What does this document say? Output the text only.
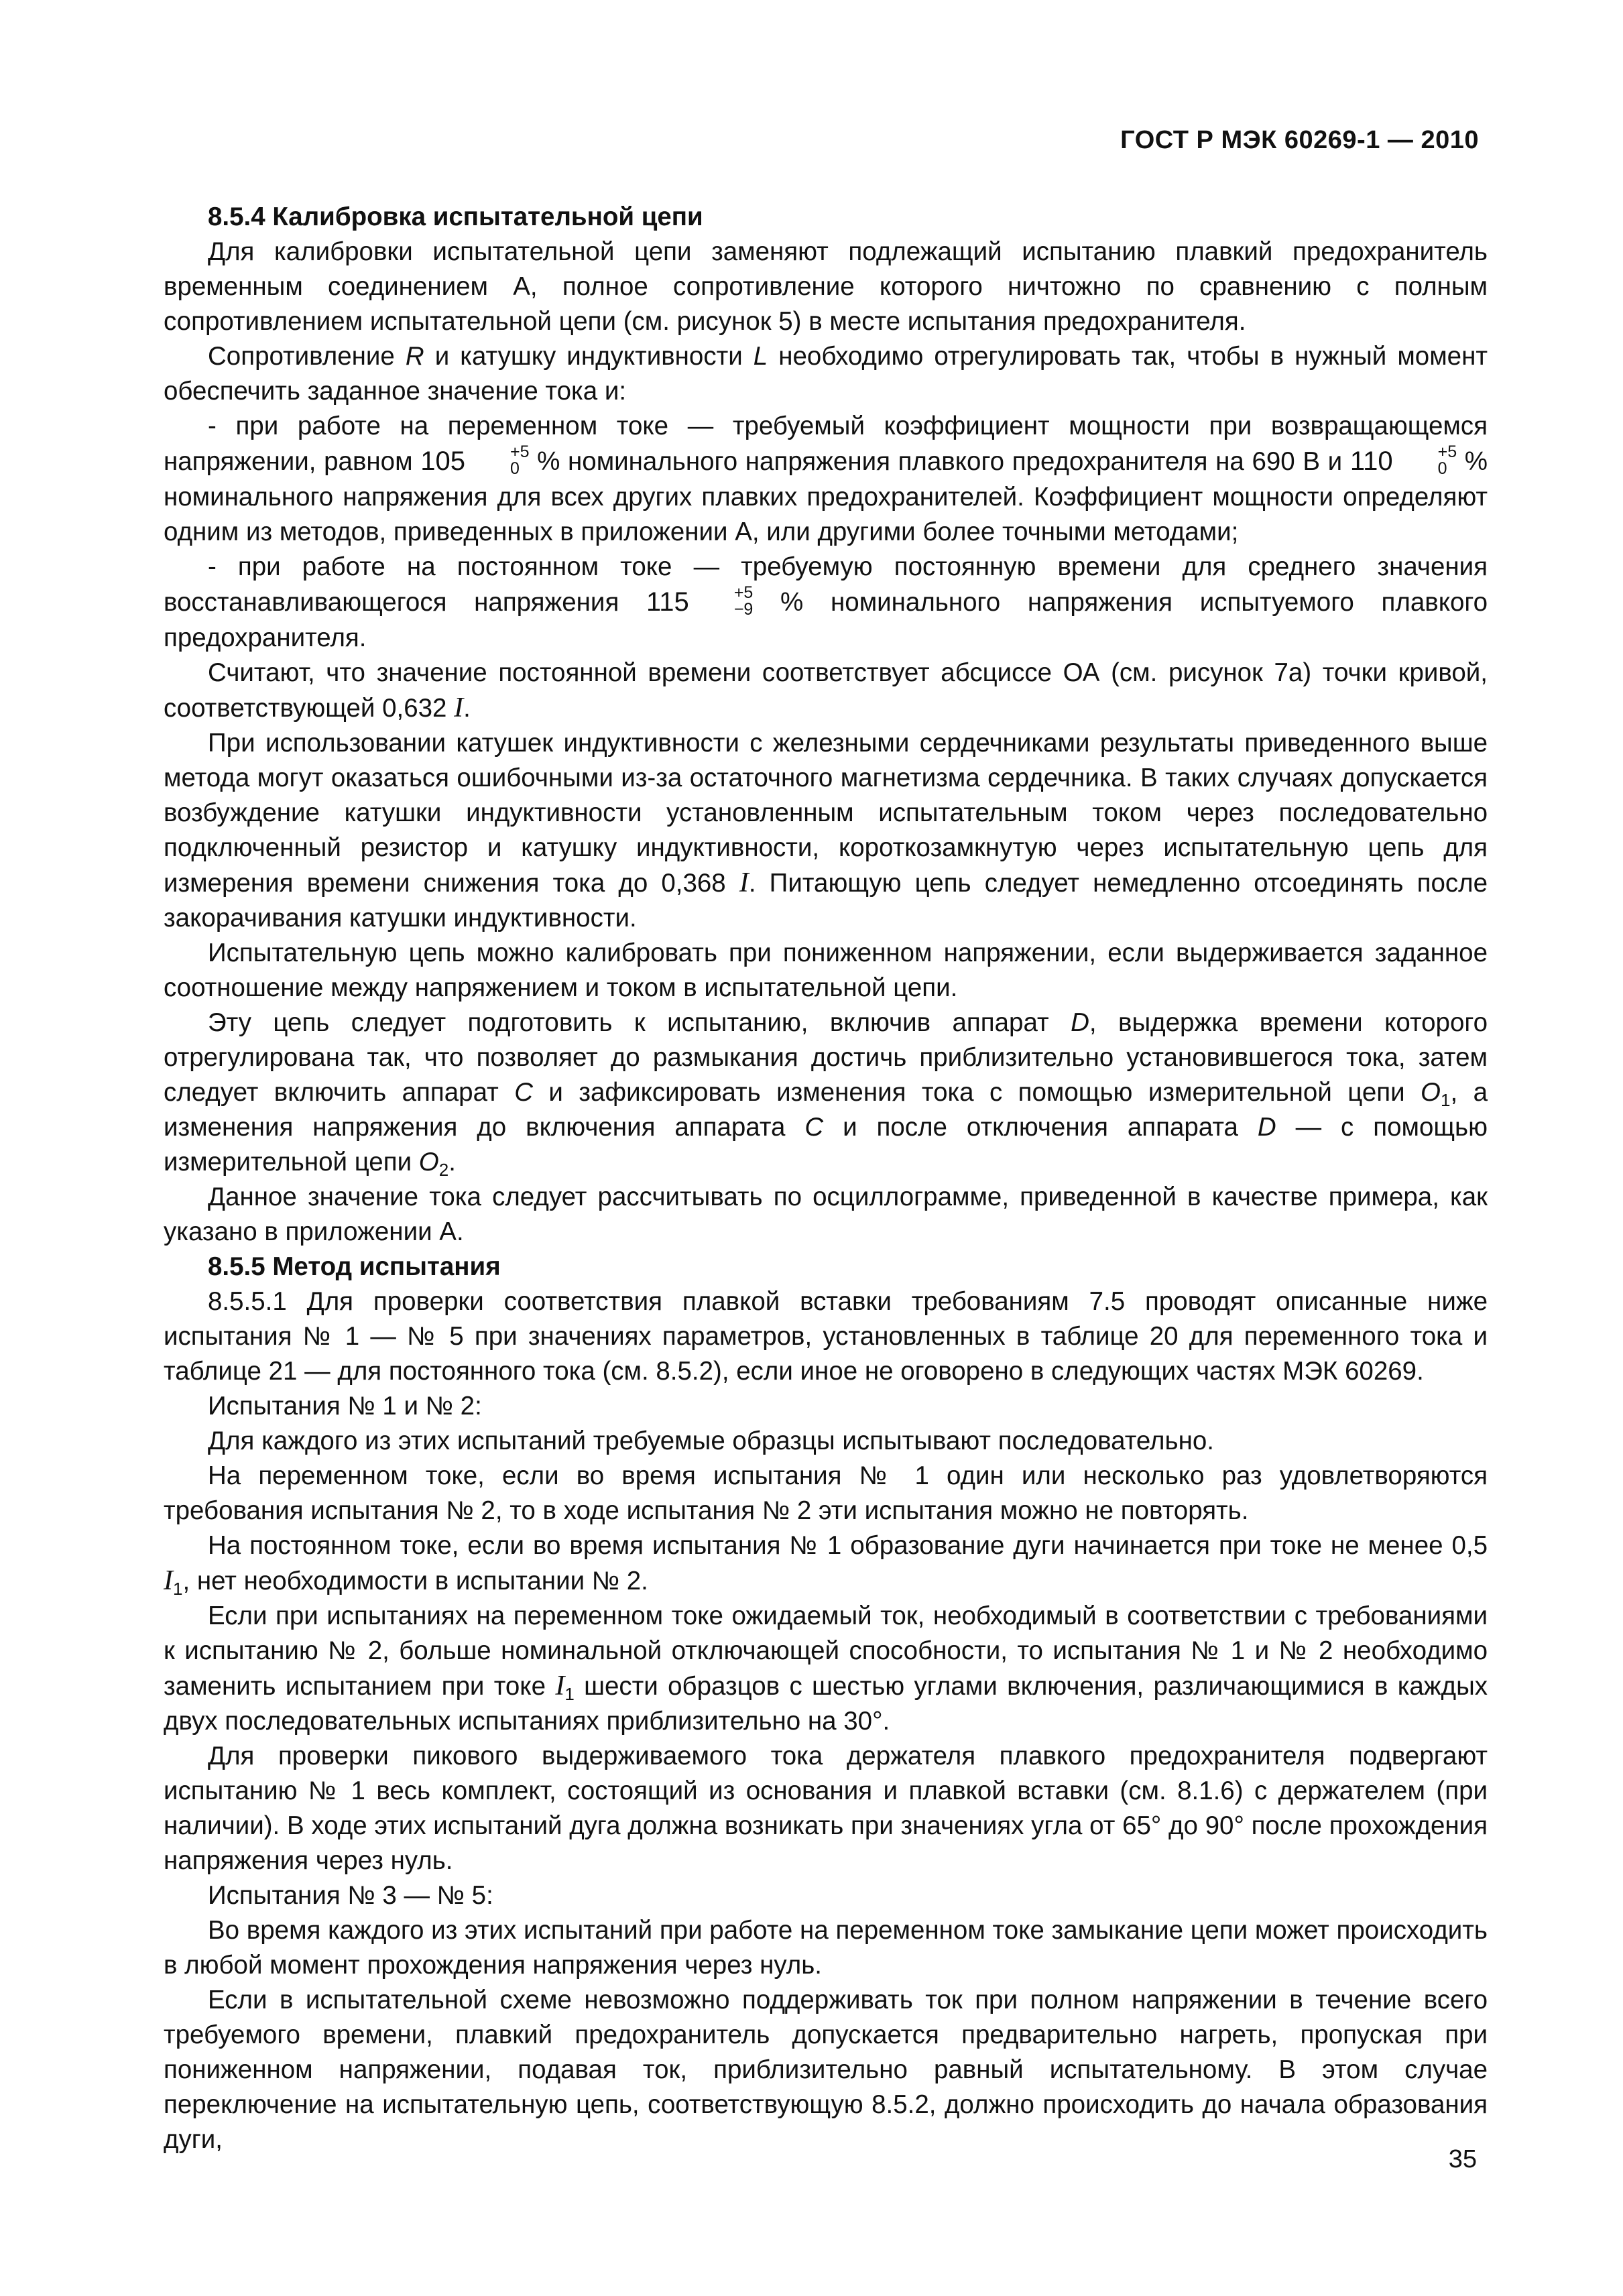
ГОСТ Р МЭК 60269-1 — 2010

8.5.4 Калибровка испытательной цепи

Для калибровки испытательной цепи заменяют подлежащий испытанию плавкий предохранитель временным соединением А, полное сопротивление которого ничтожно по сравнению с полным сопротивлением испытательной цепи (см. рисунок 5) в месте испытания предохранителя.

Сопротивление R и катушку индуктивности L необходимо отрегулировать так, чтобы в нужный момент обеспечить заданное значение тока и:

- при работе на переменном токе — требуемый коэффициент мощности при возвращающемся напряжении, равном 105	+5
0 % номинального напряжения плавкого предохранителя на 690 В и 110	+5
0 % номинального напряжения для всех других плавких предохранителей. Коэффициент мощности определяют одним из методов, приведенных в приложении А, или другими более точными методами;

- при работе на постоянном токе — требуемую постоянную времени для среднего значения восстанавливающегося напряжения 115	+5
−9 % номинального напряжения испытуемого плавкого предохранителя.

Считают, что значение постоянной времени соответствует абсциссе ОА (см. рисунок 7а) точки кривой, соответствующей 0,632 I.

При использовании катушек индуктивности с железными сердечниками результаты приведенного выше метода могут оказаться ошибочными из-за остаточного магнетизма сердечника. В таких случаях допускается возбуждение катушки индуктивности установленным испытательным током через последовательно подключенный резистор и катушку индуктивности, короткозамкнутую через испытательную цепь для измерения времени снижения тока до 0,368 I. Питающую цепь следует немедленно отсоединять после закорачивания катушки индуктивности.

Испытательную цепь можно калибровать при пониженном напряжении, если выдерживается заданное соотношение между напряжением и током в испытательной цепи.

Эту цепь следует подготовить к испытанию, включив аппарат D, выдержка времени которого отрегулирована так, что позволяет до размыкания достичь приблизительно установившегося тока, затем следует включить аппарат С и зафиксировать изменения тока с помощью измерительной цепи $O_1$, а изменения напряжения до включения аппарата С и после отключения аппарата D — с помощью измерительной цепи $O_2$.

Данное значение тока следует рассчитывать по осциллограмме, приведенной в качестве примера, как указано в приложении А.

8.5.5 Метод испытания

8.5.5.1 Для проверки соответствия плавкой вставки требованиям 7.5 проводят описанные ниже испытания № 1 — № 5 при значениях параметров, установленных в таблице 20 для переменного тока и таблице 21 — для постоянного тока (см. 8.5.2), если иное не оговорено в следующих частях МЭК 60269.

Испытания № 1 и № 2:

Для каждого из этих испытаний требуемые образцы испытывают последовательно.

На переменном токе, если во время испытания № 1 один или несколько раз удовлетворяются требования испытания № 2, то в ходе испытания № 2 эти испытания можно не повторять.

На постоянном токе, если во время испытания № 1 образование дуги начинается при токе не менее 0,5 $I_1$, нет необходимости в испытании № 2.

Если при испытаниях на переменном токе ожидаемый ток, необходимый в соответствии с требованиями к испытанию № 2, больше номинальной отключающей способности, то испытания № 1 и № 2 необходимо заменить испытанием при токе $I_1$ шести образцов с шестью углами включения, различающимися в каждых двух последовательных испытаниях приблизительно на 30°.

Для проверки пикового выдерживаемого тока держателя плавкого предохранителя подвергают испытанию № 1 весь комплект, состоящий из основания и плавкой вставки (см. 8.1.6) с держателем (при наличии). В ходе этих испытаний дуга должна возникать при значениях угла от 65° до 90° после прохождения напряжения через нуль.

Испытания № 3 — № 5:

Во время каждого из этих испытаний при работе на переменном токе замыкание цепи может происходить в любой момент прохождения напряжения через нуль.

Если в испытательной схеме невозможно поддерживать ток при полном напряжении в течение всего требуемого времени, плавкий предохранитель допускается предварительно нагреть, пропуская при пониженном напряжении, подавая ток, приблизительно равный испытательному. В этом случае переключение на испытательную цепь, соответствующую 8.5.2, должно происходить до начала образования дуги,

35
